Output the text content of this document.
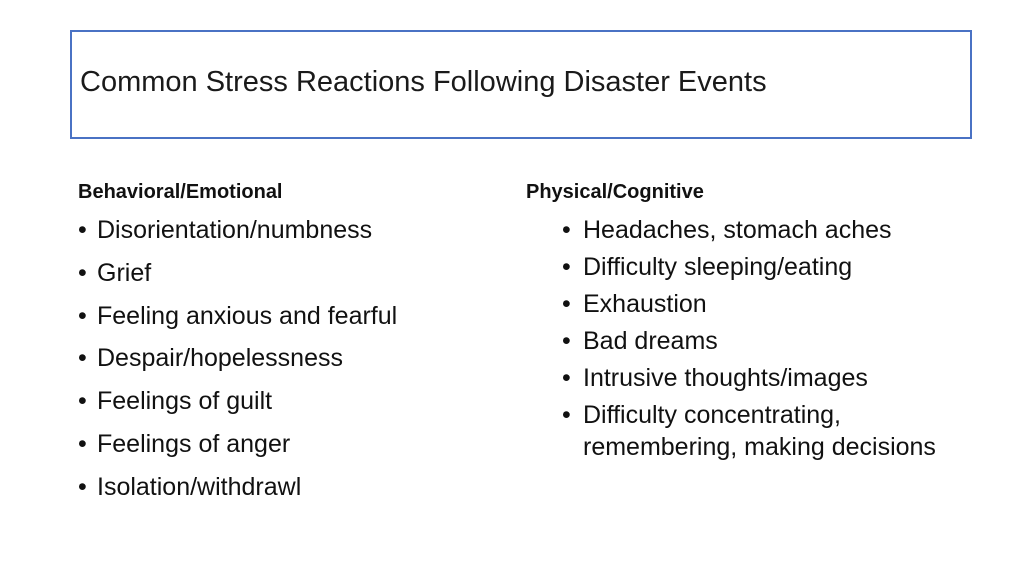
Common Stress Reactions Following Disaster Events

Behavioral/Emotional

• Disorientation/numbness
• Grief
• Feeling anxious and fearful
• Despair/hopelessness
• Feelings of guilt
• Feelings of anger
• Isolation/withdrawl

Physical/Cognitive

• Headaches, stomach aches
• Difficulty sleeping/eating
• Exhaustion
• Bad dreams
• Intrusive thoughts/images
• Difficulty concentrating, remembering, making decisions
